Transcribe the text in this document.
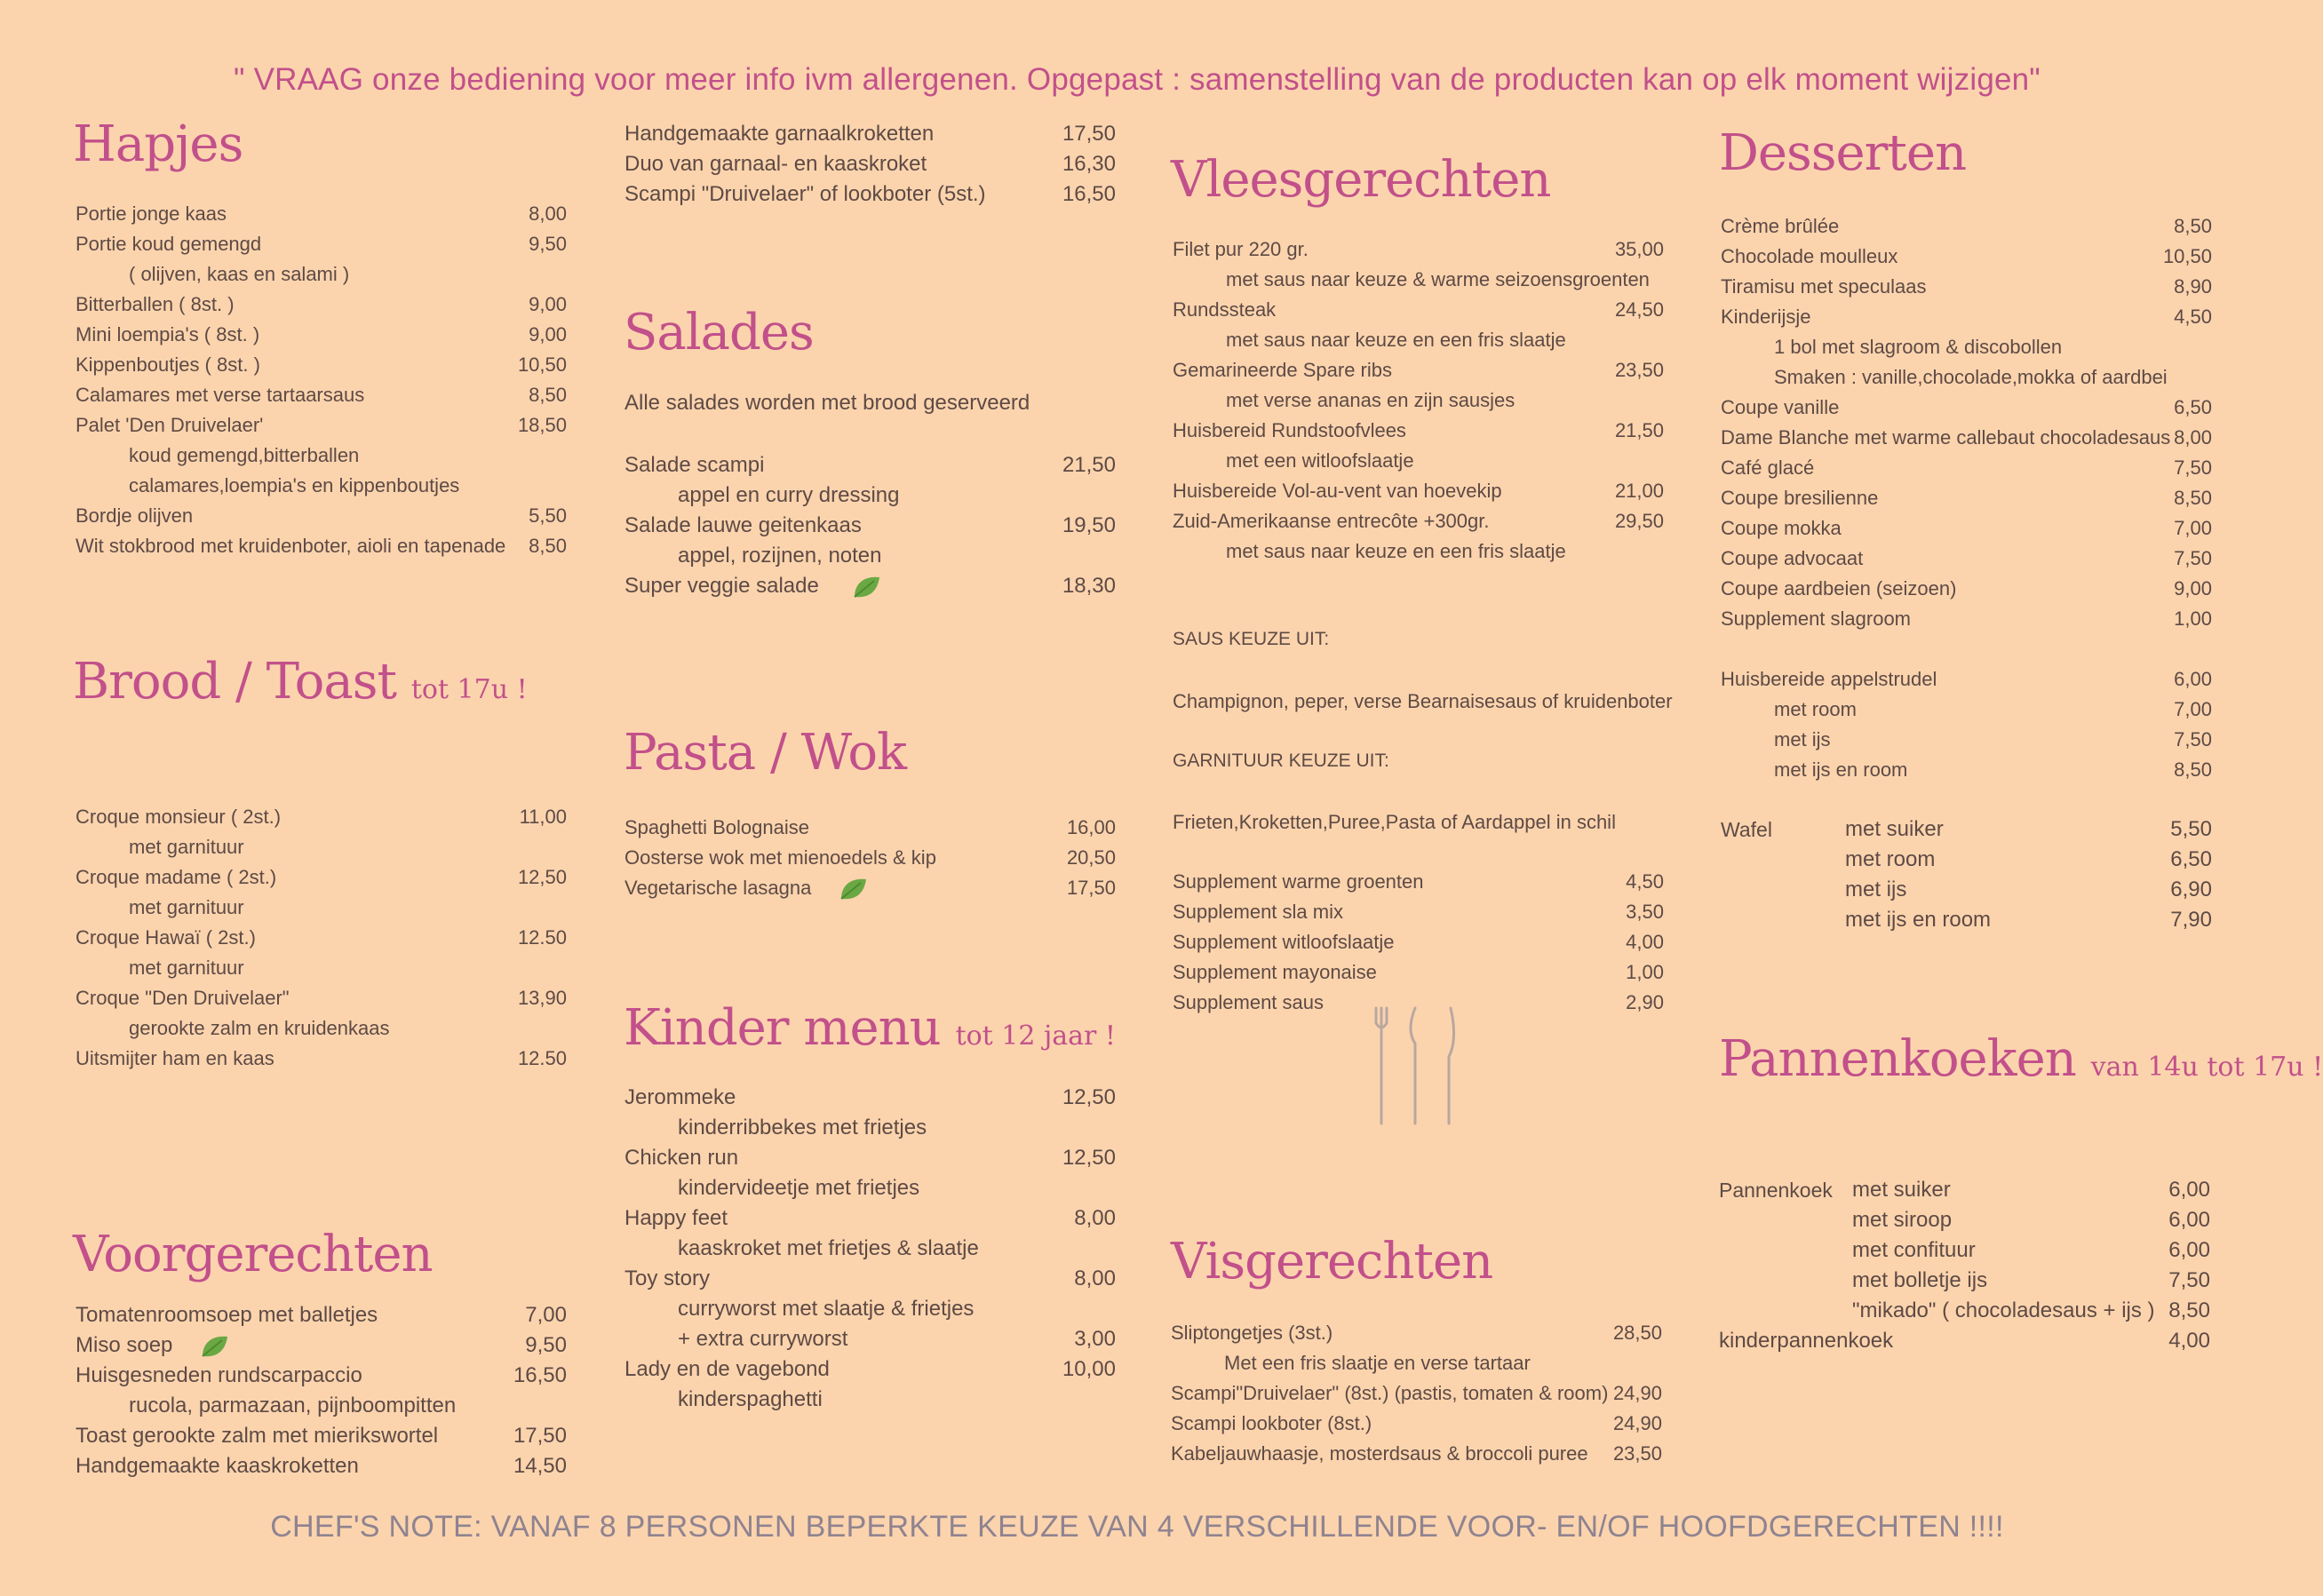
" VRAAG onze bediening voor meer info ivm allergenen. Opgepast : samenstelling van de producten kan op elk moment wijzigen"
Hapjes
Portie jonge kaas	8,00
Portie koud gemengd	9,50
( olijven, kaas en salami )
Bitterballen ( 8st. )	9,00
Mini loempia's ( 8st. )	9,00
Kippenboutjes ( 8st. )	10,50
Calamares met verse tartaarsaus	8,50
Palet 'Den Druivelaer'	18,50
koud gemengd,bitterballen
calamares,loempia's en kippenboutjes
Bordje olijven	5,50
Wit stokbrood met kruidenboter, aioli en tapenade 8,50
Brood / Toast tot 17u !
Croque monsieur ( 2st.)	11,00
met garnituur
Croque madame ( 2st.)	12,50
met garnituur
Croque Hawaï ( 2st.)	12.50
met garnituur
Croque "Den Druivelaer"	13,90
gerookte zalm en kruidenkaas
Uitsmijter ham en kaas	12.50
Voorgerechten
Tomatenroomsoep met balletjes	7,00
Miso soep	9,50
Huisgesneden rundscarpaccio	16,50
rucola, parmazaan, pijnboompitten
Toast gerookte zalm met mierikswortel	17,50
Handgemaakte kaaskroketten	14,50
Handgemaakte garnaalkroketten	17,50
Duo van garnaal- en kaaskroket	16,30
Scampi "Druivelaer" of lookboter (5st.)	16,50
Salades
Alle salades worden met brood geserveerd
Salade scampi	21,50
appel en curry dressing
Salade lauwe geitenkaas	19,50
appel, rozijnen, noten
Super veggie salade	18,30
Pasta / Wok
Spaghetti Bolognaise	16,00
Oosterse wok met mienoedels & kip	20,50
Vegetarische lasagna	17,50
Kinder menu tot 12 jaar !
Jerommeke	12,50
kinderribbekes met frietjes
Chicken run	12,50
kindervideetje met frietjes
Happy feet	8,00
kaaskroket met frietjes & slaatje
Toy story	8,00
curryworst met slaatje & frietjes
+ extra curryworst	3,00
Lady en de vagebond	10,00
kinderspaghetti
Vleesgerechten
Filet pur 220 gr.	35,00
met saus naar keuze & warme seizoensgroenten
Rundssteak	24,50
met saus naar keuze en een fris slaatje
Gemarineerde Spare ribs	23,50
met verse ananas en zijn sausjes
Huisbereid Rundstoofvlees	21,50
met een witloofslaatje
Huisbereide Vol-au-vent van hoevekip	21,00
Zuid-Amerikaanse entrecôte +300gr.	29,50
met saus naar keuze en een fris slaatje
SAUS KEUZE UIT:
Champignon, peper, verse Bearnaisesaus of kruidenboter
GARNITUUR KEUZE UIT:
Frieten,Kroketten,Puree,Pasta of Aardappel in schil
Supplement warme groenten	4,50
Supplement sla mix	3,50
Supplement witloofslaatje	4,00
Supplement mayonaise	1,00
Supplement saus	2,90
Visgerechten
Sliptongetjes (3st.)	28,50
Met een fris slaatje en verse tartaar
Scampi"Druivelaer" (8st.) (pastis, tomaten & room) 24,90
Scampi lookboter (8st.)	24,90
Kabeljauwhaasje, mosterdsaus & broccoli puree 23,50
Desserten
Crème brûlée	8,50
Chocolade moulleux	10,50
Tiramisu met speculaas	8,90
Kinderijsje	4,50
1 bol met slagroom & discobollen
Smaken : vanille,chocolade,mokka of aardbei
Coupe vanille	6,50
Dame Blanche met warme callebaut chocoladesaus 8,00
Café glacé	7,50
Coupe bresilienne	8,50
Coupe mokka	7,00
Coupe advocaat	7,50
Coupe aardbeien (seizoen)	9,00
Supplement slagroom	1,00
Huisbereide appelstrudel	6,00
met room	7,00
met ijs	7,50
met ijs en room	8,50
Wafel	met suiker	5,50
met room	6,50
met ijs	6,90
met ijs en room	7,90
Pannenkoeken van 14u tot 17u !
Pannenkoek met suiker	6,00
met siroop	6,00
met confituur	6,00
met bolletje ijs	7,50
"mikado" ( chocoladesaus + ijs ) 8,50
kinderpannenkoek	4,00
CHEF'S NOTE: VANAF 8 PERSONEN BEPERKTE KEUZE VAN 4 VERSCHILLENDE VOOR- EN/OF HOOFDGERECHTEN !!!!
